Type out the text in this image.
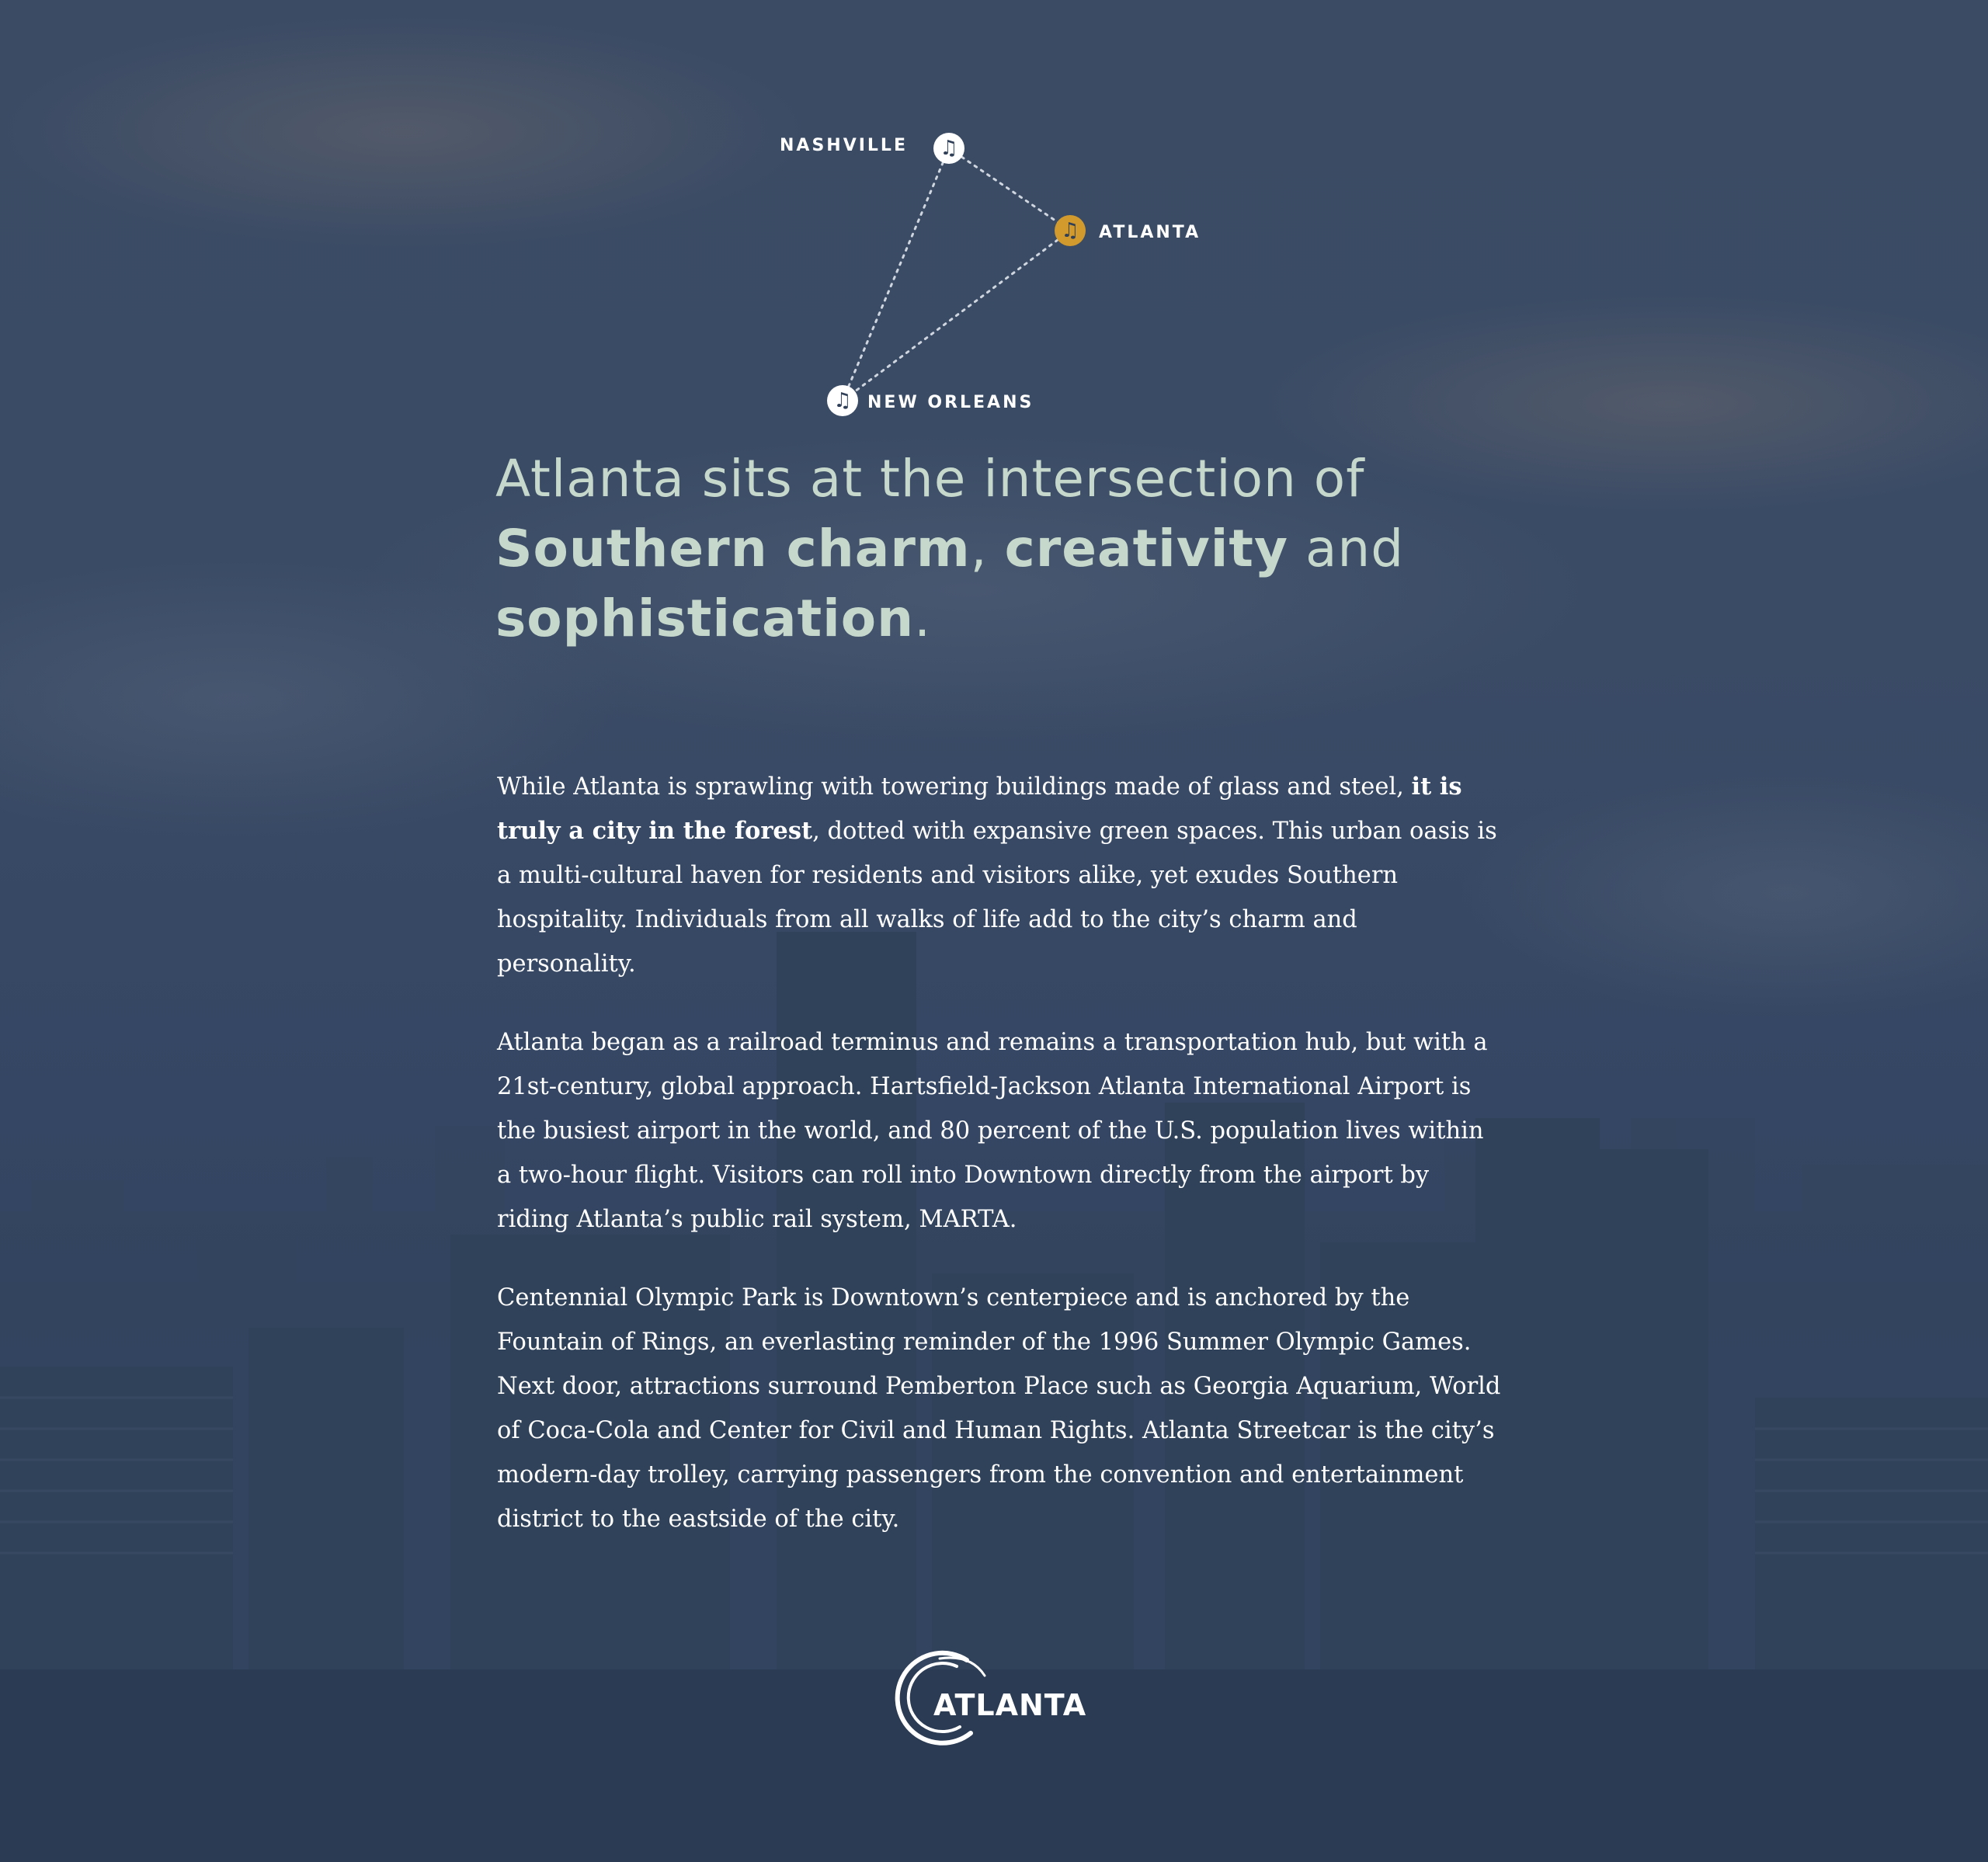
NASHVILLE	♫
♫	ATLANTA
♫ NEW ORLEANS
Atlanta sits at the intersection of Southern charm, creativity and sophistication.

While Atlanta is sprawling with towering buildings made of glass and steel, it is truly a city in the forest, dotted with expansive green spaces. This urban oasis is a multi-cultural haven for residents and visitors alike, yet exudes Southern hospitality. Individuals from all walks of life add to the city’s charm and personality.

Atlanta began as a railroad terminus and remains a transportation hub, but with a 21st-century, global approach. Hartsfield-Jackson Atlanta International Airport is the busiest airport in the world, and 80 percent of the U.S. population lives within a two-hour flight. Visitors can roll into Downtown directly from the airport by riding Atlanta’s public rail system, MARTA.

Centennial Olympic Park is Downtown’s centerpiece and is anchored by the Fountain of Rings, an everlasting reminder of the 1996 Summer Olympic Games. Next door, attractions surround Pemberton Place such as Georgia Aquarium, World of Coca-Cola and Center for Civil and Human Rights. Atlanta Streetcar is the city’s modern-day trolley, carrying passengers from the convention and entertainment district to the eastside of the city.

ATLANTA
